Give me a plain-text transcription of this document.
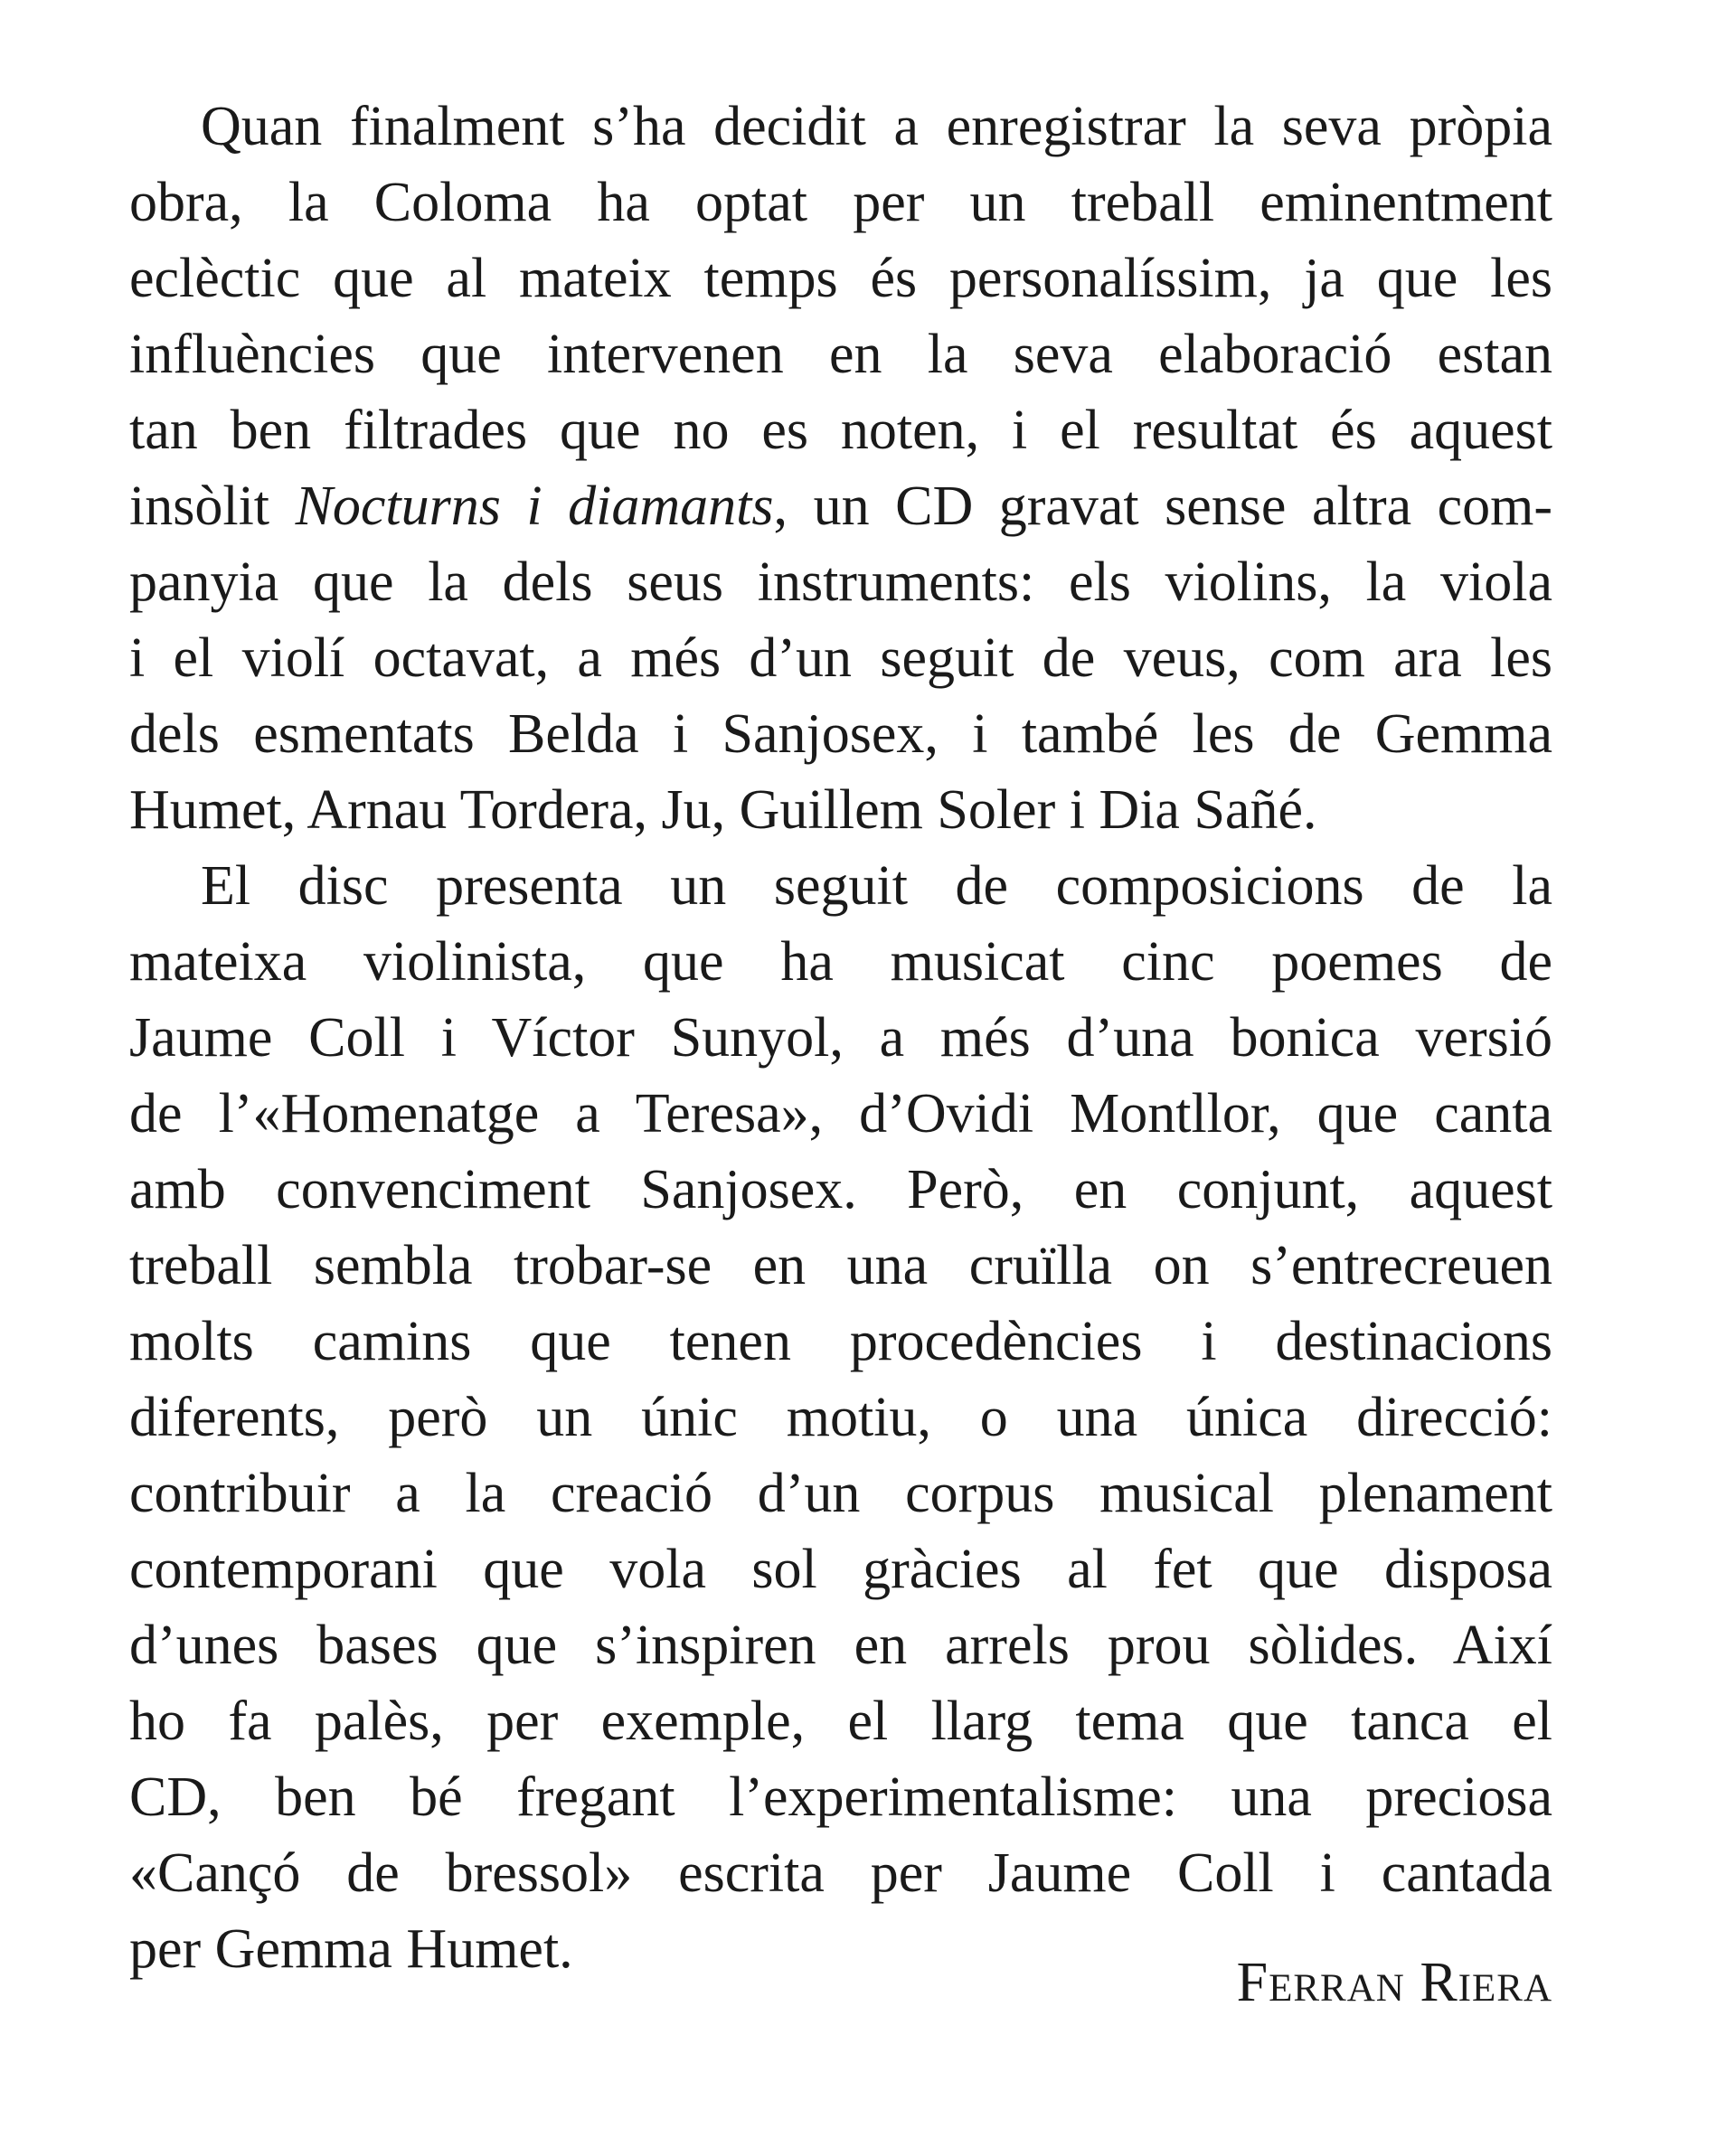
Quan finalment s’ha decidit a enregistrar la seva pròpia
obra, la Coloma ha optat per un treball eminentment
eclèctic que al mateix temps és personalíssim, ja que les
influències que intervenen en la seva elaboració estan
tan ben filtrades que no es noten, i el resultat és aquest
insòlit Nocturns i diamants, un CD gravat sense altra com-
panyia que la dels seus instruments: els violins, la viola
i el violí octavat, a més d’un seguit de veus, com ara les
dels esmentats Belda i Sanjosex, i també les de Gemma
Humet, Arnau Tordera, Ju, Guillem Soler i Dia Sañé.
El disc presenta un seguit de composicions de la
mateixa violinista, que ha musicat cinc poemes de
Jaume Coll i Víctor Sunyol, a més d’una bonica versió
de l’«Homenatge a Teresa», d’Ovidi Montllor, que canta
amb convenciment Sanjosex. Però, en conjunt, aquest
treball sembla trobar-se en una cruïlla on s’entrecreuen
molts camins que tenen procedències i destinacions
diferents, però un únic motiu, o una única direcció:
contribuir a la creació d’un corpus musical plenament
contemporani que vola sol gràcies al fet que disposa
d’unes bases que s’inspiren en arrels prou sòlides. Així
ho fa palès, per exemple, el llarg tema que tanca el
CD, ben bé fregant l’experimentalisme: una preciosa
«Cançó de bressol» escrita per Jaume Coll i cantada
per Gemma Humet.
Ferran Riera
